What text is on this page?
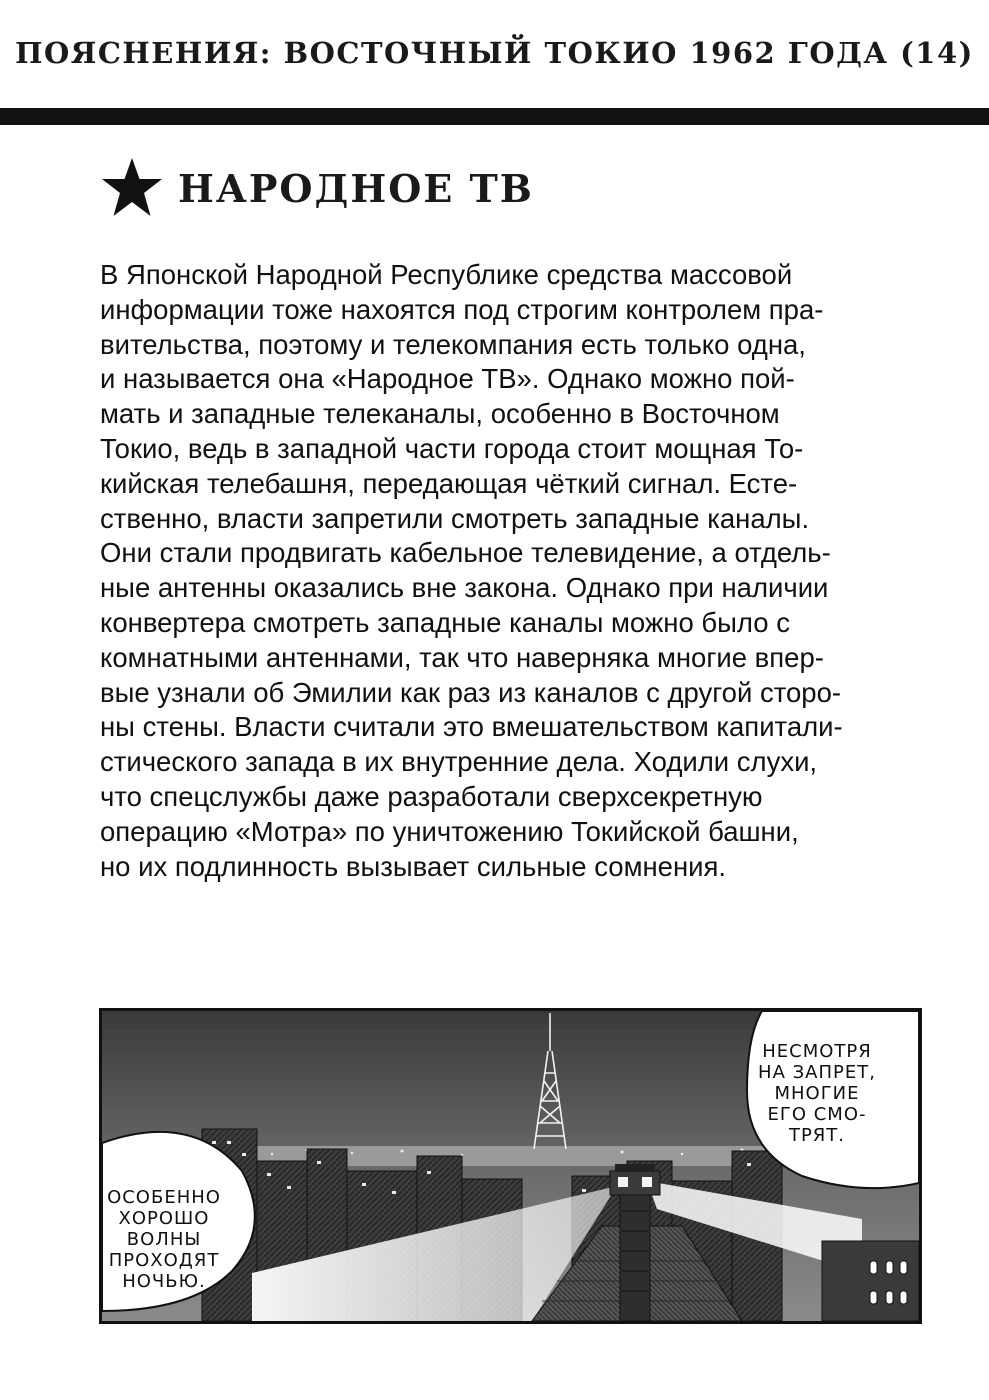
ПОЯСНЕНИЯ: ВОСТОЧНЫЙ ТОКИО 1962 ГОДА (14)
НАРОДНОЕ ТВ
В Японской Народной Республике средства массовой
информации тоже нахоятся под строгим контролем пра-
вительства, поэтому и телекомпания есть только одна,
и называется она «Народное ТВ». Однако можно пой-
мать и западные телеканалы, особенно в Восточном
Токио, ведь в западной части города стоит мощная То-
кийская телебашня, передающая чёткий сигнал. Есте-
ственно, власти запретили смотреть западные каналы.
Они стали продвигать кабельное телевидение, а отдель-
ные антенны оказались вне закона. Однако при наличии
конвертера смотреть западные каналы можно было с
комнатными антеннами, так что наверняка многие впер-
вые узнали об Эмилии как раз из каналов с другой сторо-
ны стены. Власти считали это вмешательством капитали-
стического запада в их внутренние дела. Ходили слухи,
что спецслужбы даже разработали сверхсекретную
операцию «Мотра» по уничтожению Токийской башни,
но их подлинность вызывает сильные сомнения.
НЕСМОТРЯ
НА ЗАПРЕТ,
МНОГИЕ
ЕГО СМО-
ТРЯТ.
ОСОБЕННО
ХОРОШО
ВОЛНЫ
ПРОХОДЯТ
НОЧЬЮ.
